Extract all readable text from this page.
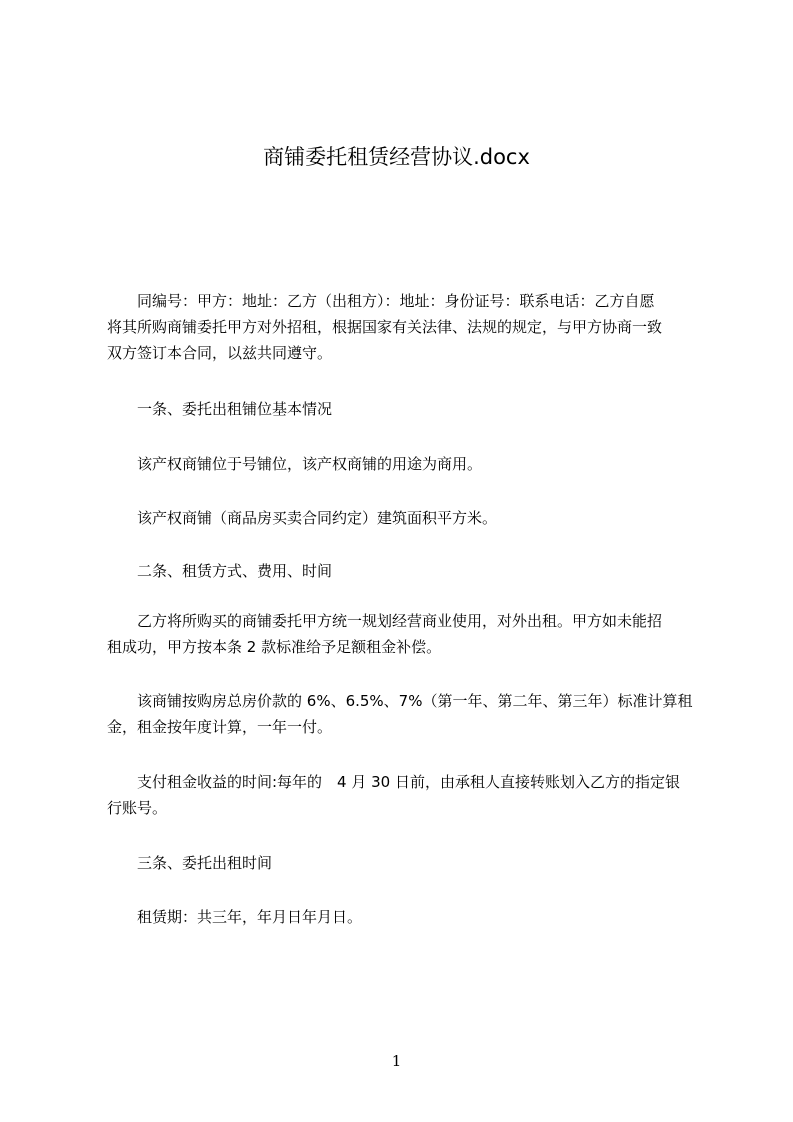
商铺委托租赁经营协议.docx

同编号：甲方：地址：乙方（出租方）：地址：身份证号：联系电话：乙方自愿
将其所购商铺委托甲方对外招租，根据国家有关法律、法规的规定，与甲方协商一致
双方签订本合同，以兹共同遵守。

一条、委托出租铺位基本情况

该产权商铺位于号铺位，该产权商铺的用途为商用。

该产权商铺（商品房买卖合同约定）建筑面积平方米。

二条、租赁方式、费用、时间

乙方将所购买的商铺委托甲方统一规划经营商业使用，对外出租。甲方如未能招
租成功，甲方按本条 2 款标准给予足额租金补偿。

该商铺按购房总房价款的 6%、6.5%、7%（第一年、第二年、第三年）标准计算租
金，租金按年度计算，一年一付。

支付租金收益的时间:每年的　4 月 30 日前，由承租人直接转账划入乙方的指定银
行账号。

三条、委托出租时间

租赁期：共三年，年月日年月日。

1
